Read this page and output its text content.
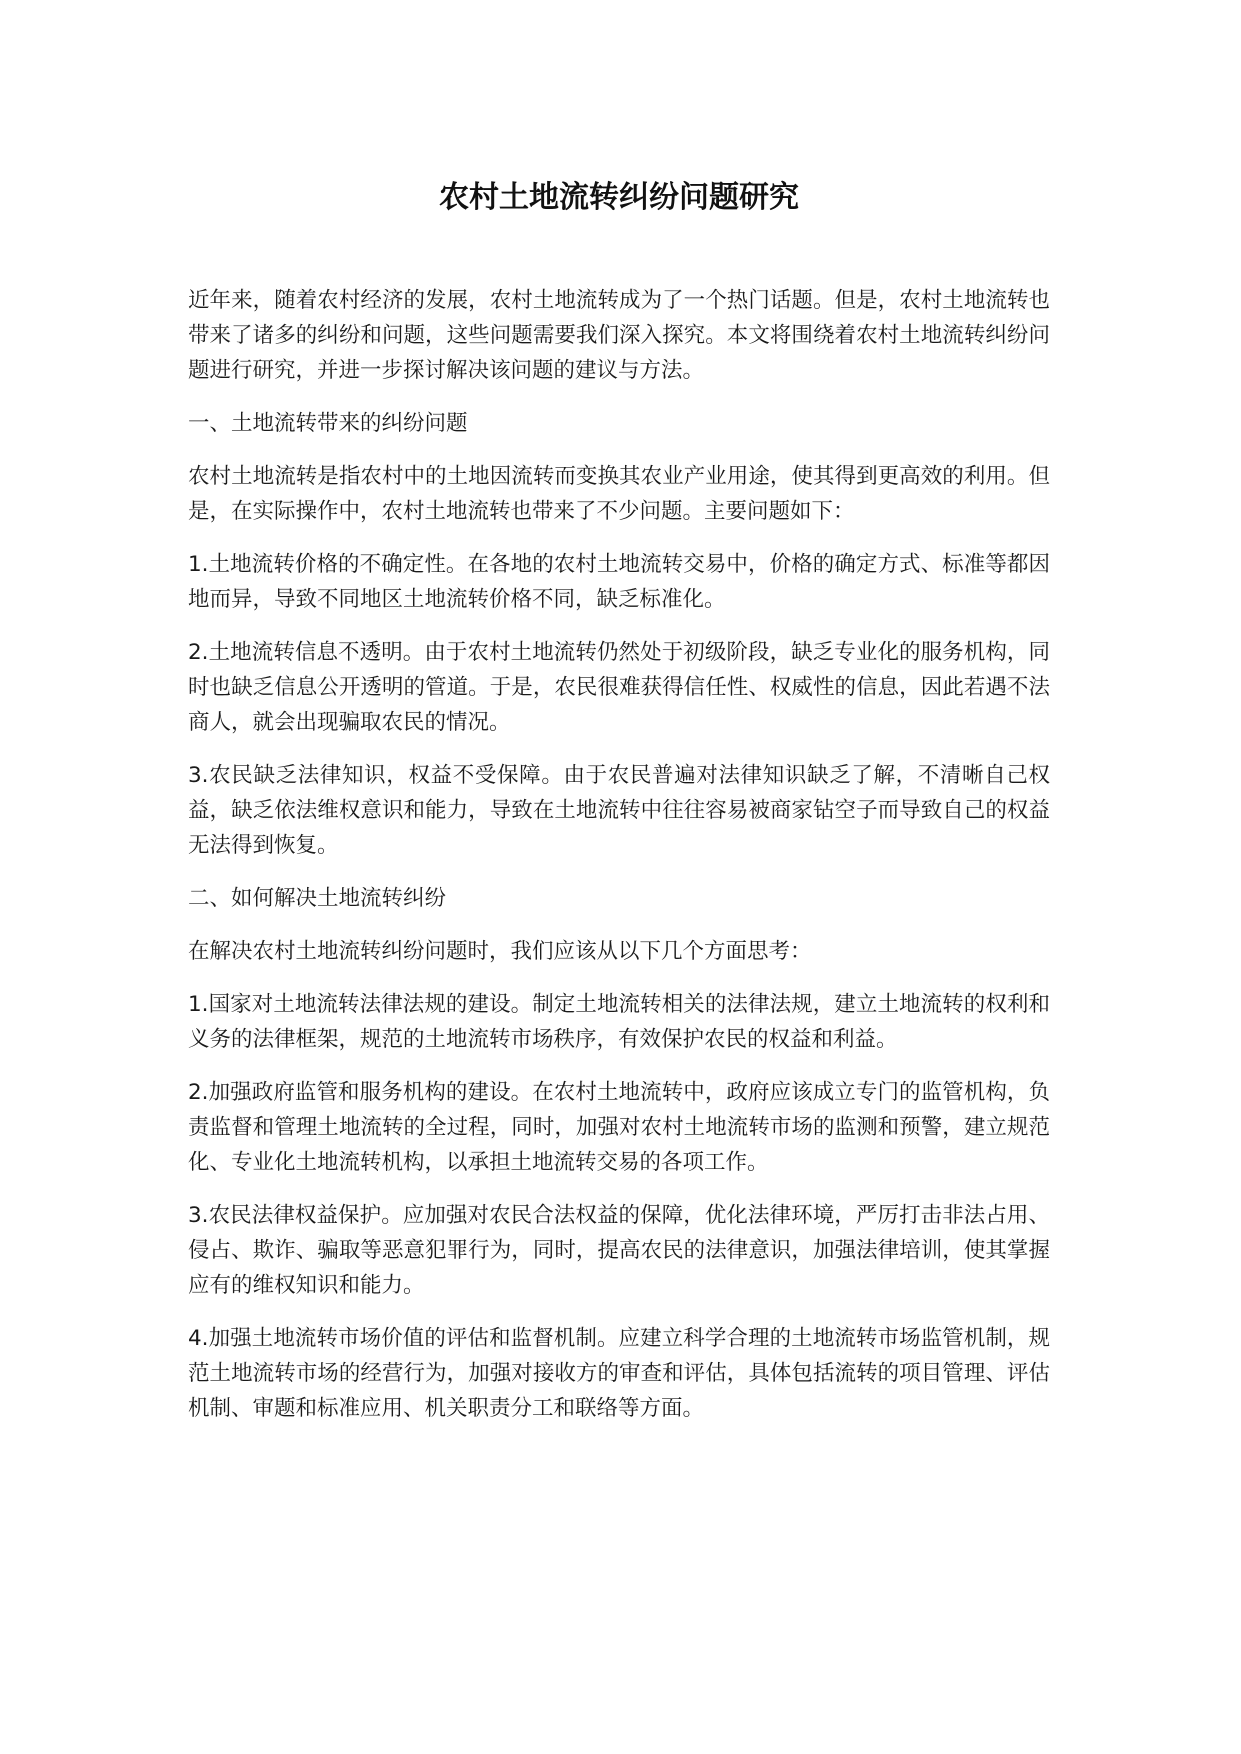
农村土地流转纠纷问题研究

近年来，随着农村经济的发展，农村土地流转成为了一个热门话题。但是，农村土地流转也带来了诸多的纠纷和问题，这些问题需要我们深入探究。本文将围绕着农村土地流转纠纷问题进行研究，并进一步探讨解决该问题的建议与方法。

一、土地流转带来的纠纷问题

农村土地流转是指农村中的土地因流转而变换其农业产业用途，使其得到更高效的利用。但是，在实际操作中，农村土地流转也带来了不少问题。主要问题如下：

1.土地流转价格的不确定性。在各地的农村土地流转交易中，价格的确定方式、标准等都因地而异，导致不同地区土地流转价格不同，缺乏标准化。

2.土地流转信息不透明。由于农村土地流转仍然处于初级阶段，缺乏专业化的服务机构，同时也缺乏信息公开透明的管道。于是，农民很难获得信任性、权威性的信息，因此若遇不法商人，就会出现骗取农民的情况。

3.农民缺乏法律知识，权益不受保障。由于农民普遍对法律知识缺乏了解，不清晰自己权益，缺乏依法维权意识和能力，导致在土地流转中往往容易被商家钻空子而导致自己的权益无法得到恢复。

二、如何解决土地流转纠纷

在解决农村土地流转纠纷问题时，我们应该从以下几个方面思考：

1.国家对土地流转法律法规的建设。制定土地流转相关的法律法规，建立土地流转的权利和义务的法律框架，规范的土地流转市场秩序，有效保护农民的权益和利益。

2.加强政府监管和服务机构的建设。在农村土地流转中，政府应该成立专门的监管机构，负责监督和管理土地流转的全过程，同时，加强对农村土地流转市场的监测和预警，建立规范化、专业化土地流转机构，以承担土地流转交易的各项工作。

3.农民法律权益保护。应加强对农民合法权益的保障，优化法律环境，严厉打击非法占用、侵占、欺诈、骗取等恶意犯罪行为，同时，提高农民的法律意识，加强法律培训，使其掌握应有的维权知识和能力。

4.加强土地流转市场价值的评估和监督机制。应建立科学合理的土地流转市场监管机制，规范土地流转市场的经营行为，加强对接收方的审查和评估，具体包括流转的项目管理、评估机制、审题和标准应用、机关职责分工和联络等方面。
